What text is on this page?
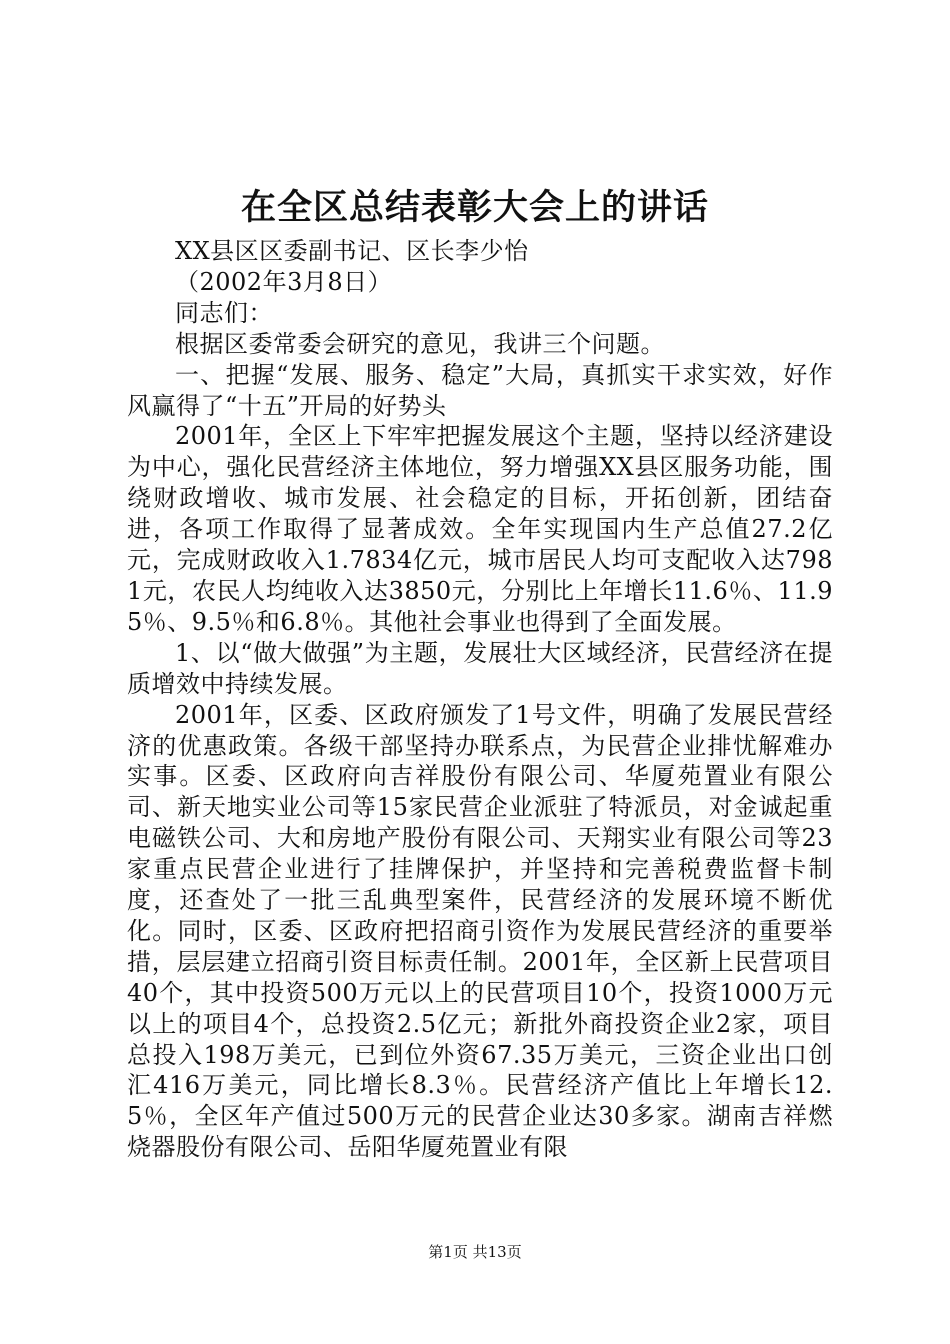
在全区总结表彰大会上的讲话

XX县区区委副书记、区长李少怡

（2002年3月8日）

同志们：

根据区委常委会研究的意见，我讲三个问题。

一、把握“发展、服务、稳定”大局，真抓实干求实效，好作风赢得了“十五”开局的好势头

2001年，全区上下牢牢把握发展这个主题，坚持以经济建设为中心，强化民营经济主体地位，努力增强XX县区服务功能，围绕财政增收、城市发展、社会稳定的目标，开拓创新，团结奋进，各项工作取得了显著成效。全年实现国内生产总值27.2亿元，完成财政收入1.7834亿元，城市居民人均可支配收入达7981元，农民人均纯收入达3850元，分别比上年增长11.6％、11.95％、9.5％和6.8％。其他社会事业也得到了全面发展。

1、以“做大做强”为主题，发展壮大区域经济，民营经济在提质增效中持续发展。

2001年，区委、区政府颁发了1号文件，明确了发展民营经济的优惠政策。各级干部坚持办联系点，为民营企业排忧解难办实事。区委、区政府向吉祥股份有限公司、华厦苑置业有限公司、新天地实业公司等15家民营企业派驻了特派员，对金诚起重电磁铁公司、大和房地产股份有限公司、天翔实业有限公司等23家重点民营企业进行了挂牌保护，并坚持和完善税费监督卡制度，还查处了一批三乱典型案件，民营经济的发展环境不断优化。同时，区委、区政府把招商引资作为发展民营经济的重要举措，层层建立招商引资目标责任制。2001年，全区新上民营项目40个，其中投资500万元以上的民营项目10个，投资1000万元以上的项目4个，总投资2.5亿元；新批外商投资企业2家，项目总投入198万美元，已到位外资67.35万美元，三资企业出口创汇416万美元，同比增长8.3％。民营经济产值比上年增长12.5％，全区年产值过500万元的民营企业达30多家。湖南吉祥燃烧器股份有限公司、岳阳华厦苑置业有限

第1页 共13页
